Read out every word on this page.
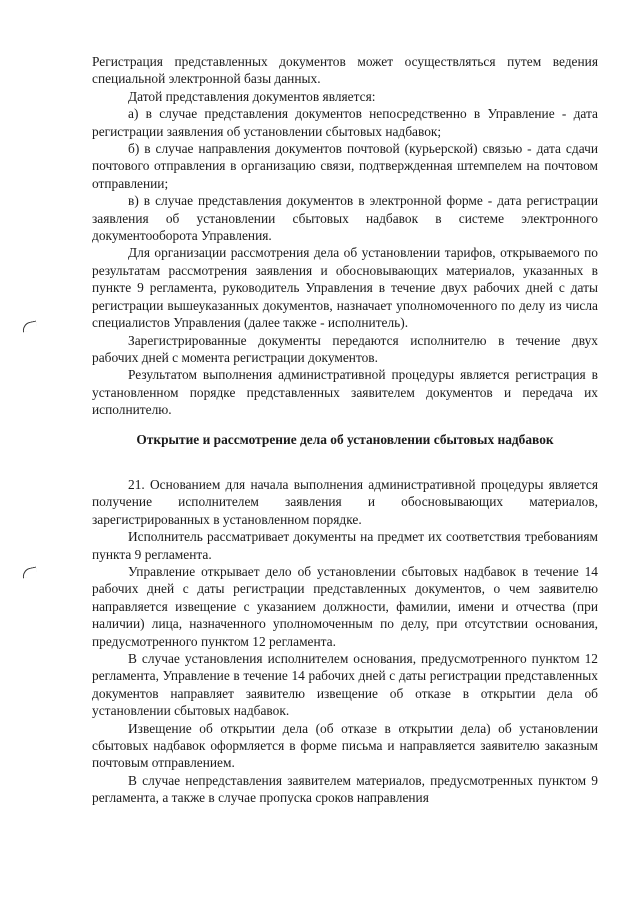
Регистрация представленных документов может осуществляться путем ведения специальной электронной базы данных.

Датой представления документов является:

а) в случае представления документов непосредственно в Управление - дата регистрации заявления об установлении сбытовых надбавок;

б) в случае направления документов почтовой (курьерской) связью - дата сдачи почтового отправления в организацию связи, подтвержденная штемпелем на почтовом отправлении;

в) в случае представления документов в электронной форме - дата регистрации заявления об установлении сбытовых надбавок в системе электронного документооборота Управления.

Для организации рассмотрения дела об установлении тарифов, открываемого по результатам рассмотрения заявления и обосновывающих материалов, указанных в пункте 9 регламента, руководитель Управления в течение двух рабочих дней с даты регистрации вышеуказанных документов, назначает уполномоченного по делу из числа специалистов Управления (далее также - исполнитель).

Зарегистрированные документы передаются исполнителю в течение двух рабочих дней с момента регистрации документов.

Результатом выполнения административной процедуры является регистрация в установленном порядке представленных заявителем документов и передача их исполнителю.

Открытие и рассмотрение дела об установлении сбытовых надбавок

21. Основанием для начала выполнения административной процедуры является получение исполнителем заявления и обосновывающих материалов, зарегистрированных в установленном порядке.

Исполнитель рассматривает документы на предмет их соответствия требованиям пункта 9 регламента.

Управление открывает дело об установлении сбытовых надбавок в течение 14 рабочих дней с даты регистрации представленных документов, о чем заявителю направляется извещение с указанием должности, фамилии, имени и отчества (при наличии) лица, назначенного уполномоченным по делу, при отсутствии основания, предусмотренного пунктом 12 регламента.

В случае установления исполнителем основания, предусмотренного пунктом 12 регламента, Управление в течение 14 рабочих дней с даты регистрации представленных документов направляет заявителю извещение об отказе в открытии дела об установлении сбытовых надбавок.

Извещение об открытии дела (об отказе в открытии дела) об установлении сбытовых надбавок оформляется в форме письма и направляется заявителю заказным почтовым отправлением.

В случае непредставления заявителем материалов, предусмотренных пунктом 9 регламента, а также в случае пропуска сроков направления
